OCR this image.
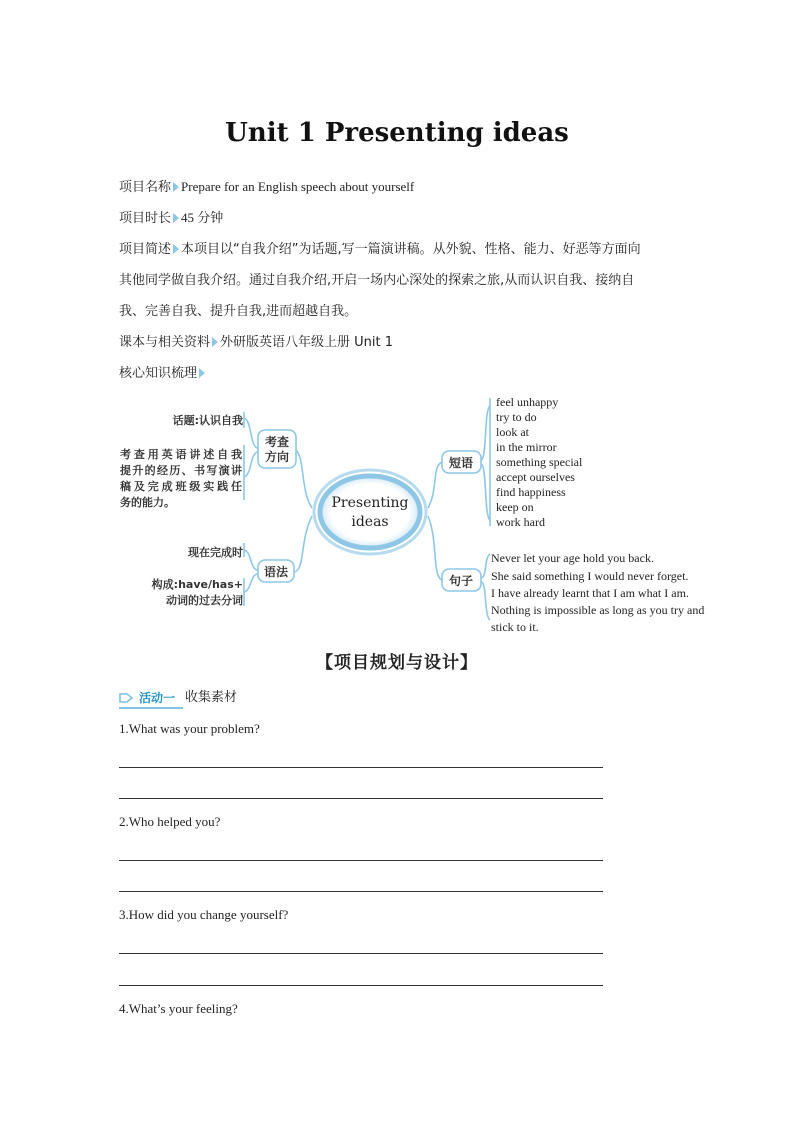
Unit 1 Presenting ideas
项目名称 Prepare for an English speech about yourself
项目时长 45 分钟
项目简述 本项目以“自我介绍”为话题,写一篇演讲稿。从外貌、性格、能力、好恶等方面向
其他同学做自我介绍。通过自我介绍,开启一场内心深处的探索之旅,从而认识自我、接纳自
我、完善自我、提升自我,进而超越自我。
课本与相关资料 外研版英语八年级上册 Unit 1
核心知识梳理
Presenting
ideas
考查
方向
语法
话题:认识自我
考查用英语讲述自我
提升的经历、书写演讲
稿及完成班级实践任
务的能力。
现在完成时
构成:have/has+
动词的过去分词
短语
句子
feel unhappy
try to do
look at
in the mirror
something special
accept ourselves
find happiness
keep on
work hard
Never let your age hold you back.
She said something I would never forget.
I have already learnt that I am what I am.
Nothing is impossible as long as you try and
stick to it.
【项目规划与设计】
活动一 收集素材
1.What was your problem?
2.Who helped you?
3.How did you change yourself?
4.What’s your feeling?
